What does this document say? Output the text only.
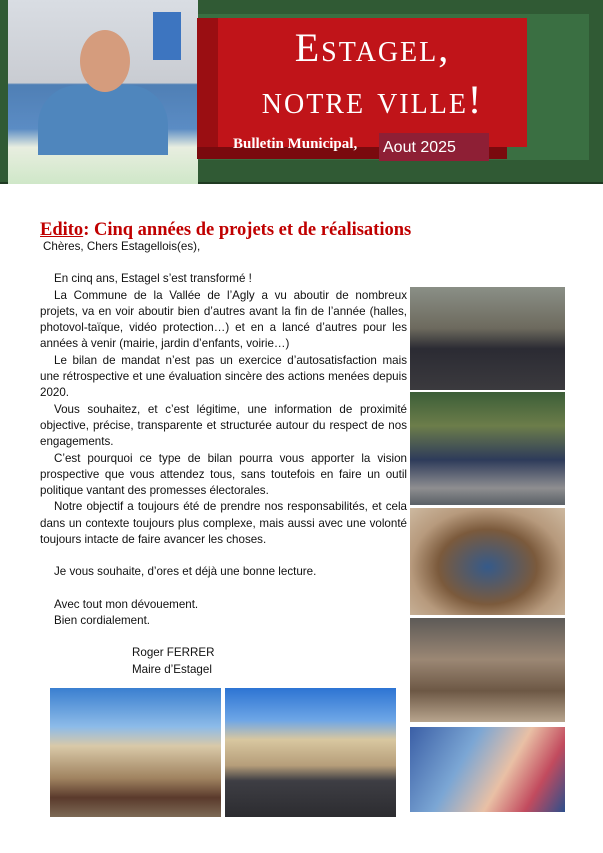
Estagel,
notre ville!
Bulletin Municipal, Aout 2025
Edito: Cinq années de projets et de réalisations

Chères, Chers Estagellois(es),

En cinq ans, Estagel s’est transformé !

La Commune de la Vallée de l’Agly a vu aboutir de nombreux projets, va en voir aboutir bien d’autres avant la fin de l’année (halles, photovol-taïque, vidéo protection…) et en a lancé d’autres pour les années à venir (mairie, jardin d’enfants, voirie…)

Le bilan de mandat n’est pas un exercice d’autosatisfaction mais une rétrospective et une évaluation sincère des actions menées depuis 2020.

Vous souhaitez, et c’est légitime, une information de proximité objective, précise, transparente et structurée autour du respect de nos engagements.

C’est pourquoi ce type de bilan pourra vous apporter la vision prospective que vous attendez tous, sans toutefois en faire un outil politique vantant des promesses électorales.

Notre objectif a toujours été de prendre nos responsabilités, et cela dans un contexte toujours plus complexe, mais aussi avec une volonté toujours intacte de faire avancer les choses.

Je vous souhaite, d’ores et déjà une bonne lecture.

Avec tout mon dévouement.

Bien cordialement.

Roger FERRER

Maire d’Estagel
